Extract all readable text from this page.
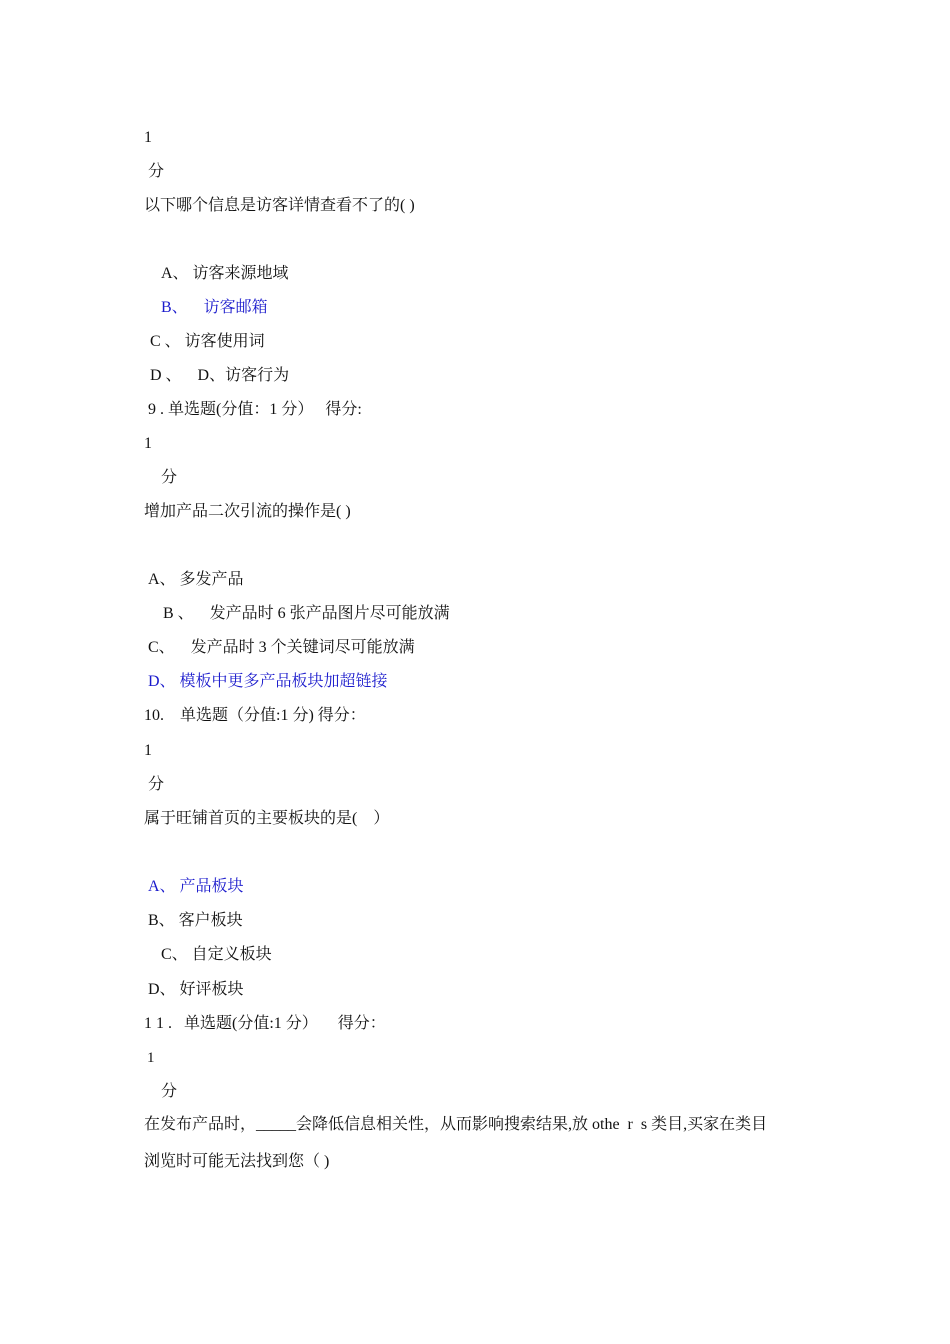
1
分
以下哪个信息是访客详情查看不了的( )
A、 访客来源地域
B、    访客邮箱
C 、 访客使用词
D 、    D、访客行为
9 . 单选题(分值：1 分）   得分:
1
分
增加产品二次引流的操作是( )
A、 多发产品
B 、    发产品时 6 张产品图片尽可能放满
C、    发产品时 3 个关键词尽可能放满
D、 模板中更多产品板块加超链接
10.    单选题（分值:1 分) 得分：
1
分
属于旺铺首页的主要板块的是(    ）
A、 产品板块
B、 客户板块
C、 自定义板块
D、 好评板块
1 1 .   单选题(分值:1 分）     得分：
1
分
在发布产品时，_____会降低信息相关性，从而影响搜索结果,放 othe  r  s 类目,买家在类目
浏览时可能无法找到您（ )
